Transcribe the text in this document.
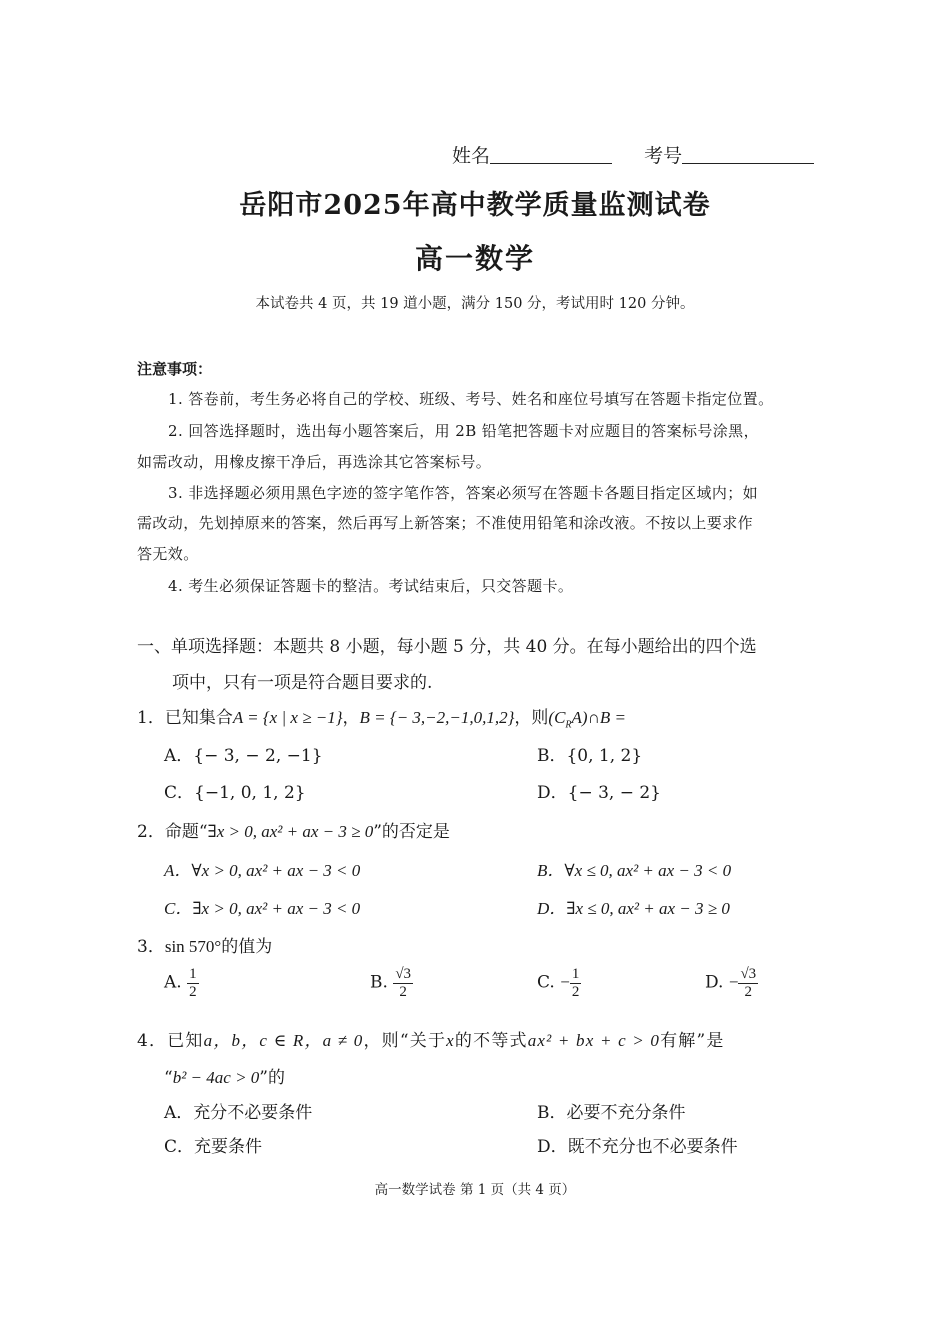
姓名	考号
岳阳市2025年高中教学质量监测试卷
高一数学
本试卷共 4 页，共 19 道小题，满分 150 分，考试用时 120 分钟。
注意事项：
1. 答卷前，考生务必将自己的学校、班级、考号、姓名和座位号填写在答题卡指定位置。
2. 回答选择题时，选出每小题答案后，用 2B 铅笔把答题卡对应题目的答案标号涂黑，
如需改动，用橡皮擦干净后，再选涂其它答案标号。
3. 非选择题必须用黑色字迹的签字笔作答，答案必须写在答题卡各题目指定区域内；如
需改动，先划掉原来的答案，然后再写上新答案；不准使用铅笔和涂改液。不按以上要求作
答无效。
4. 考生必须保证答题卡的整洁。考试结束后，只交答题卡。
一、单项选择题：本题共 8 小题，每小题 5 分，共 40 分。在每小题给出的四个选
项中，只有一项是符合题目要求的.
1．已知集合A = {x | x ≥ −1}，B = {− 3,−2,−1,0,1,2}，则$(C_RA)\cap B$ =
A．{− 3, − 2, −1}	B．{0, 1, 2}
C．{−1, 0, 1, 2}	D．{− 3, − 2}
2．命题“∃x > 0, ax² + ax − 3 ≥ 0”的否定是
A．∀x > 0, ax² + ax − 3 < 0	B．∀x ≤ 0, ax² + ax − 3 < 0
C．∃x > 0, ax² + ax − 3 < 0	D．∃x ≤ 0, ax² + ax − 3 ≥ 0
3．sin 570°的值为
A. $\frac{1}{2}$	B. $\frac{√3}{2}$	C. − $\frac{1}{2}$	D. − $\frac{√3}{2}$
4．已知a，b，c ∈ R，a ≠ 0，则“关于x的不等式ax² + bx + c > 0有解”是
“b² − 4ac > 0”的
A．充分不必要条件	B．必要不充分条件
C．充要条件	D．既不充分也不必要条件
高一数学试卷 第 1 页（共 4 页）
